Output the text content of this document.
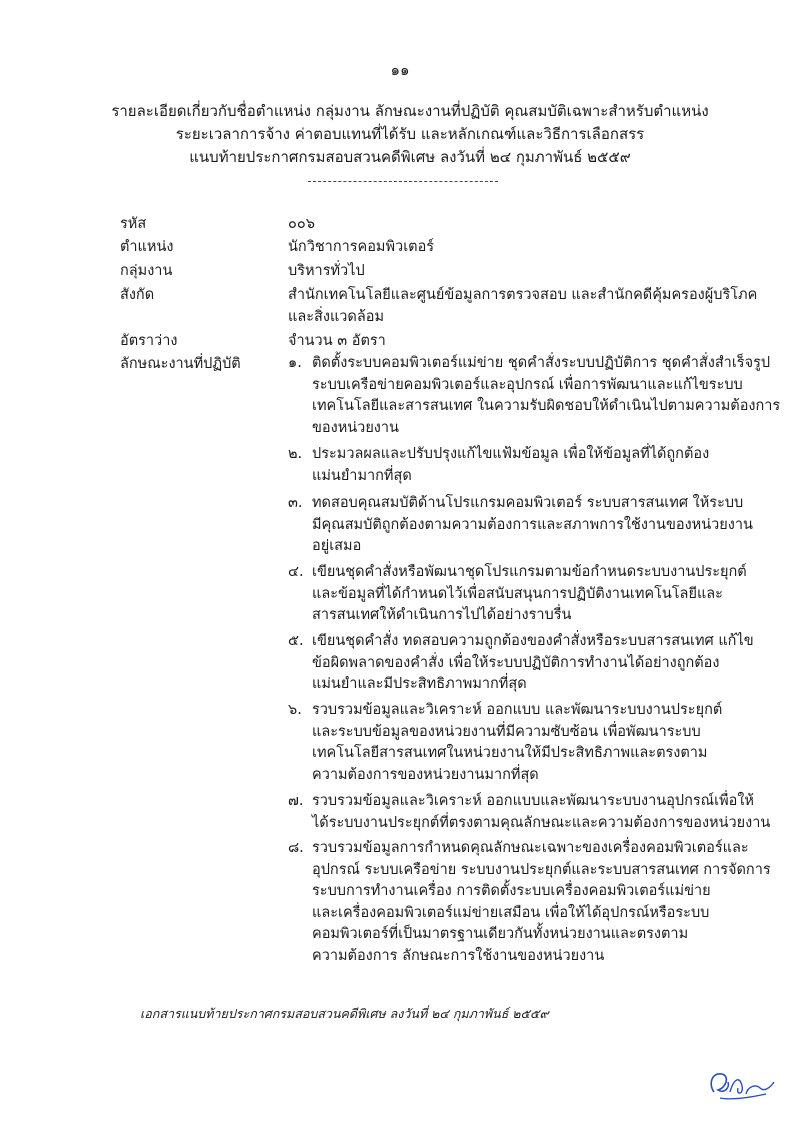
๑๑
รายละเอียดเกี่ยวกับชื่อตำแหน่ง กลุ่มงาน ลักษณะงานที่ปฏิบัติ คุณสมบัติเฉพาะสำหรับตำแหน่ง
ระยะเวลาการจ้าง ค่าตอบแทนที่ได้รับ และหลักเกณฑ์และวิธีการเลือกสรร
แนบท้ายประกาศกรมสอบสวนคดีพิเศษ ลงวันที่ ๒๔ กุมภาพันธ์ ๒๕๕๙
รหัส	๐๐๖
ตำแหน่ง	นักวิชาการคอมพิวเตอร์
กลุ่มงาน	บริหารทั่วไป
สังกัด	สำนักเทคโนโลยีและศูนย์ข้อมูลการตรวจสอบ และสำนักคดีคุ้มครองผู้บริโภค
และสิ่งแวดล้อม
อัตราว่าง	จำนวน ๓ อัตรา
ลักษณะงานที่ปฏิบัติ	๑. ติดตั้งระบบคอมพิวเตอร์แม่ข่าย ชุดคำสั่งระบบปฏิบัติการ ชุดคำสั่งสำเร็จรูป
ระบบเครือข่ายคอมพิวเตอร์และอุปกรณ์ เพื่อการพัฒนาและแก้ไขระบบ
เทคโนโลยีและสารสนเทศ ในความรับผิดชอบให้ดำเนินไปตามความต้องการ
ของหน่วยงาน
๒. ประมวลผลและปรับปรุงแก้ไขแฟ้มข้อมูล เพื่อให้ข้อมูลที่ได้ถูกต้อง
แม่นยำมากที่สุด
๓. ทดสอบคุณสมบัติด้านโปรแกรมคอมพิวเตอร์ ระบบสารสนเทศ ให้ระบบ
มีคุณสมบัติถูกต้องตามความต้องการและสภาพการใช้งานของหน่วยงาน
อยู่เสมอ
๔. เขียนชุดคำสั่งหรือพัฒนาชุดโปรแกรมตามข้อกำหนดระบบงานประยุกต์
และข้อมูลที่ได้กำหนดไว้เพื่อสนับสนุนการปฏิบัติงานเทคโนโลยีและ
สารสนเทศให้ดำเนินการไปได้อย่างราบรื่น
๕. เขียนชุดคำสั่ง ทดสอบความถูกต้องของคำสั่งหรือระบบสารสนเทศ แก้ไข
ข้อผิดพลาดของคำสั่ง เพื่อให้ระบบปฏิบัติการทำงานได้อย่างถูกต้อง
แม่นยำและมีประสิทธิภาพมากที่สุด
๖. รวบรวมข้อมูลและวิเคราะห์ ออกแบบ และพัฒนาระบบงานประยุกต์
และระบบข้อมูลของหน่วยงานที่มีความซับซ้อน เพื่อพัฒนาระบบ
เทคโนโลยีสารสนเทศในหน่วยงานให้มีประสิทธิภาพและตรงตาม
ความต้องการของหน่วยงานมากที่สุด
๗. รวบรวมข้อมูลและวิเคราะห์ ออกแบบและพัฒนาระบบงานอุปกรณ์เพื่อให้
ได้ระบบงานประยุกต์ที่ตรงตามคุณลักษณะและความต้องการของหน่วยงาน
๘. รวบรวมข้อมูลการกำหนดคุณลักษณะเฉพาะของเครื่องคอมพิวเตอร์และ
อุปกรณ์ ระบบเครือข่าย ระบบงานประยุกต์และระบบสารสนเทศ การจัดการ
ระบบการทำงานเครื่อง การติดตั้งระบบเครื่องคอมพิวเตอร์แม่ข่าย
และเครื่องคอมพิวเตอร์แม่ข่ายเสมือน เพื่อให้ได้อุปกรณ์หรือระบบ
คอมพิวเตอร์ที่เป็นมาตรฐานเดียวกันทั้งหน่วยงานและตรงตาม
ความต้องการ ลักษณะการใช้งานของหน่วยงาน
เอกสารแนบท้ายประกาศกรมสอบสวนคดีพิเศษ ลงวันที่ ๒๔ กุมภาพันธ์ ๒๕๕๙
